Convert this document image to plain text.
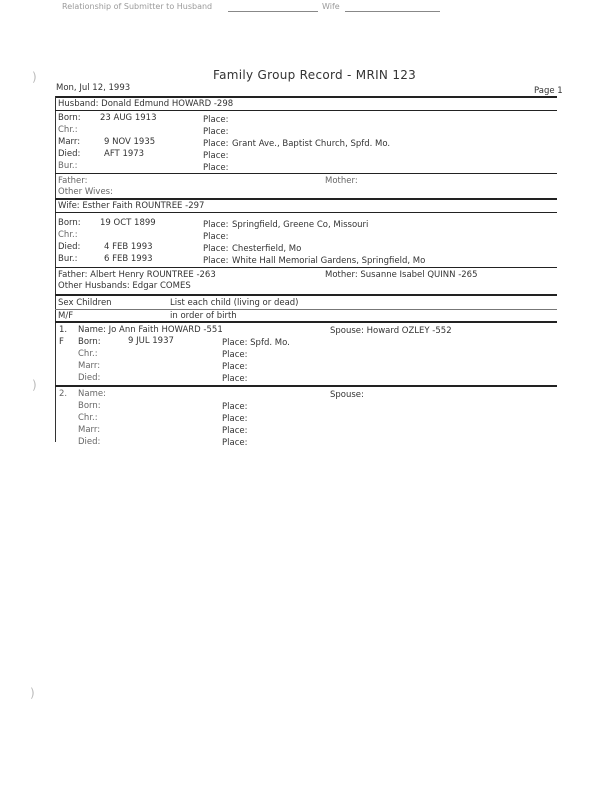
Relationship of Submitter to Husband	Wife
)
)
)
Family Group Record - MRIN 123
Mon, Jul 12, 1993	Page 1
Husband: Donald Edmund HOWARD -298
Born: 23 AUG 1913	Place:
Chr.:	Place:
Marr:	9 NOV 1935	Place: Grant Ave., Baptist Church, Spfd. Mo.
Died:	AFT 1973	Place:
Bur.:	Place:
Father:	Mother:
Other Wives:
Wife: Esther Faith ROUNTREE -297
Born: 19 OCT 1899	Place: Springfield, Greene Co, Missouri
Chr.:	Place:
Died:	4 FEB 1993	Place: Chesterfield, Mo
Bur.:	6 FEB 1993	Place: White Hall Memorial Gardens, Springfield, Mo
Father: Albert Henry ROUNTREE -263	Mother: Susanne Isabel QUINN -265
Other Husbands: Edgar COMES
Sex Children	List each child (living or dead)
M/F	in order of birth
1. Name: Jo Ann Faith HOWARD -551	Spouse: Howard OZLEY -552
F Born:	9 JUL 1937	Place: Spfd. Mo.
Chr.:	Place:
Marr:	Place:
Died:	Place:
2. Name:	Spouse:
Born:	Place:
Chr.:	Place:
Marr:	Place:
Died:	Place:
